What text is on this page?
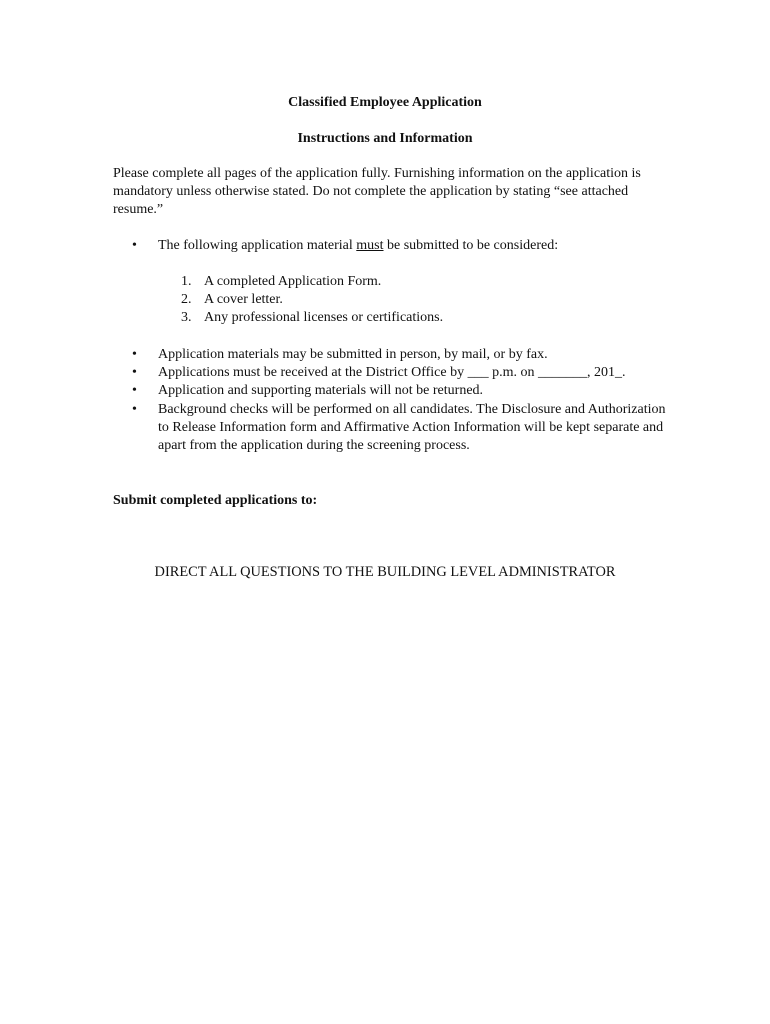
Classified Employee Application

Instructions and Information

Please complete all pages of the application fully. Furnishing information on the application is mandatory unless otherwise stated. Do not complete the application by stating “see attached resume.”

• The following application material must be submitted to be considered:
1. A completed Application Form.
2. A cover letter.
3. Any professional licenses or certifications.
• Application materials may be submitted in person, by mail, or by fax.
• Applications must be received at the District Office by ___ p.m. on _______, 201_.
• Application and supporting materials will not be returned.
• Background checks will be performed on all candidates. The Disclosure and Authorization to Release Information form and Affirmative Action Information will be kept separate and apart from the application during the screening process.

Submit completed applications to:

DIRECT ALL QUESTIONS TO THE BUILDING LEVEL ADMINISTRATOR
